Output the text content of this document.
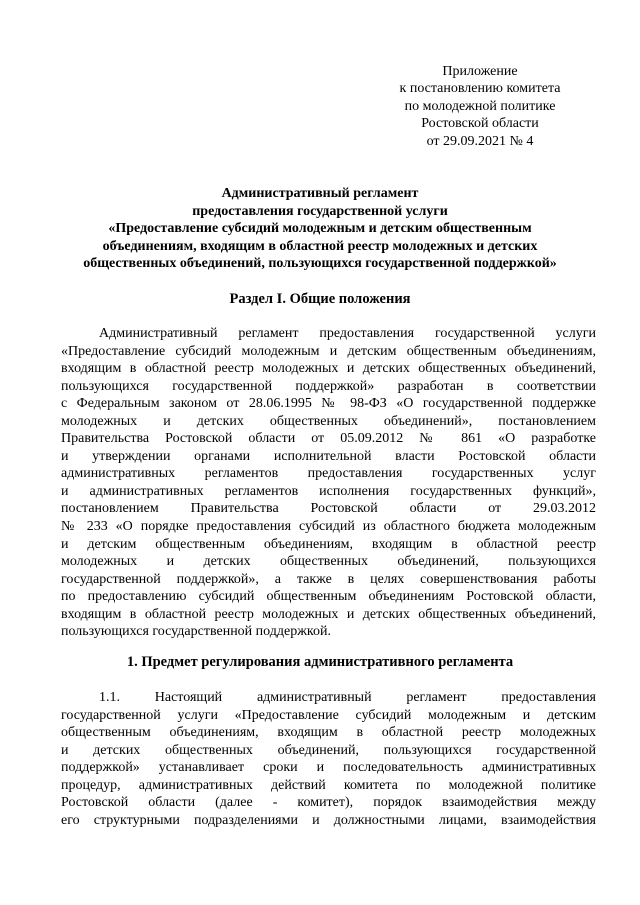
Приложение
к постановлению комитета
по молодежной политике
Ростовской области
от 29.09.2021 № 4
Административный регламент
предоставления государственной услуги
«Предоставление субсидий молодежным и детским общественным
объединениям, входящим в областной реестр молодежных и детских
общественных объединений, пользующихся государственной поддержкой»
Раздел I. Общие положения
Административный регламент предоставления государственной услуги
«Предоставление субсидий молодежным и детским общественным объединениям,
входящим в областной реестр молодежных и детских общественных объединений,
пользующихся государственной поддержкой» разработан в соответствии
с Федеральным законом от 28.06.1995 № 98-ФЗ «О государственной поддержке
молодежных и детских общественных объединений», постановлением
Правительства Ростовской области от 05.09.2012 № 861 «О разработке
и утверждении органами исполнительной власти Ростовской области
административных регламентов предоставления государственных услуг
и административных регламентов исполнения государственных функций»,
постановлением Правительства Ростовской области от 29.03.2012
№ 233 «О порядке предоставления субсидий из областного бюджета молодежным
и детским общественным объединениям, входящим в областной реестр
молодежных и детских общественных объединений, пользующихся
государственной поддержкой», а также в целях совершенствования работы
по предоставлению субсидий общественным объединениям Ростовской области,
входящим в областной реестр молодежных и детских общественных объединений,
пользующихся государственной поддержкой.
1. Предмет регулирования административного регламента
1.1. Настоящий административный регламент предоставления
государственной услуги «Предоставление субсидий молодежным и детским
общественным объединениям, входящим в областной реестр молодежных
и детских общественных объединений, пользующихся государственной
поддержкой» устанавливает сроки и последовательность административных
процедур, административных действий комитета по молодежной политике
Ростовской области (далее - комитет), порядок взаимодействия между
его структурными подразделениями и должностными лицами, взаимодействия
